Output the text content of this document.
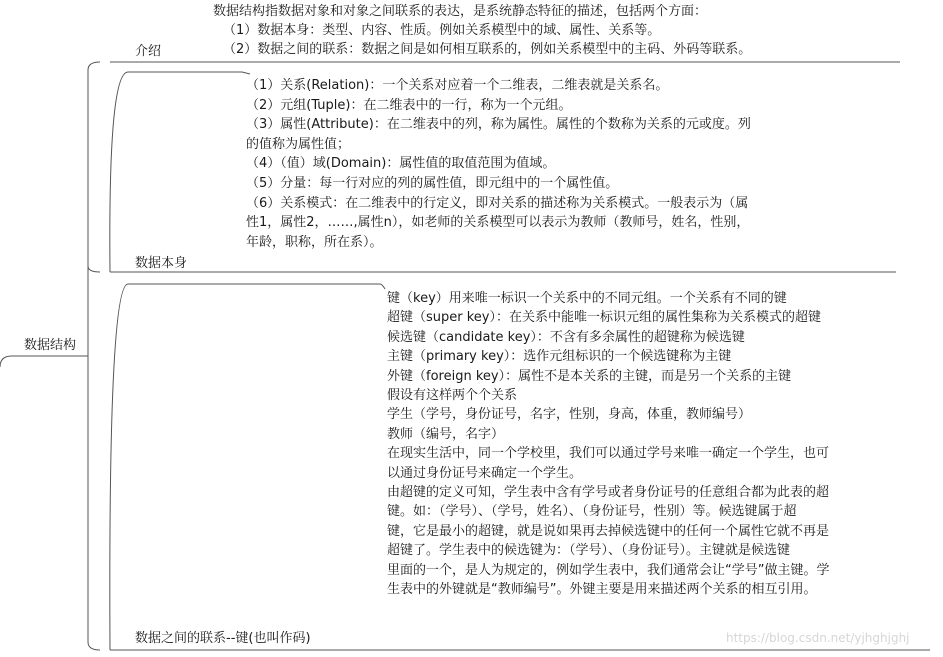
数据结构
介绍
数据本身
数据之间的联系--键(也叫作码)
数据结构指数据对象和对象之间联系的表达，是系统静态特征的描述，包括两个方面：
（1）数据本身：类型、内容、性质。例如关系模型中的域、属性、关系等。
（2）数据之间的联系：数据之间是如何相互联系的，例如关系模型中的主码、外码等联系。
（1）关系(Relation)：一个关系对应着一个二维表，二维表就是关系名。
（2）元组(Tuple)：在二维表中的一行，称为一个元组。
（3）属性(Attribute)：在二维表中的列，称为属性。属性的个数称为关系的元或度。列
的值称为属性值；
（4）（值）域(Domain)：属性值的取值范围为值域。
（5）分量：每一行对应的列的属性值，即元组中的一个属性值。
（6）关系模式：在二维表中的行定义，即对关系的描述称为关系模式。一般表示为（属
性1，属性2，……,属性n），如老师的关系模型可以表示为教师（教师号，姓名，性别，
年龄，职称，所在系）。
键（key）用来唯一标识一个关系中的不同元组。一个关系有不同的键
超键（super key）：在关系中能唯一标识元组的属性集称为关系模式的超键
候选键（candidate key）：不含有多余属性的超键称为候选键
主键（primary key）：选作元组标识的一个候选键称为主键
外键（foreign key）：属性不是本关系的主键，而是另一个关系的主键
假设有这样两个个关系
学生（学号，身份证号，名字，性别，身高，体重，教师编号）
教师（编号，名字）
在现实生活中，同一个学校里，我们可以通过学号来唯一确定一个学生，也可
以通过身份证号来确定一个学生。
由超键的定义可知，学生表中含有学号或者身份证号的任意组合都为此表的超
键。如：（学号）、（学号，姓名）、（身份证号，性别）等。候选键属于超
键，它是最小的超键，就是说如果再去掉候选键中的任何一个属性它就不再是
超键了。学生表中的候选键为：（学号）、（身份证号）。主键就是候选键
里面的一个，是人为规定的，例如学生表中，我们通常会让“学号”做主键。学
生表中的外键就是“教师编号”。外键主要是用来描述两个关系的相互引用。
https://blog.csdn.net/yjhghjghj
